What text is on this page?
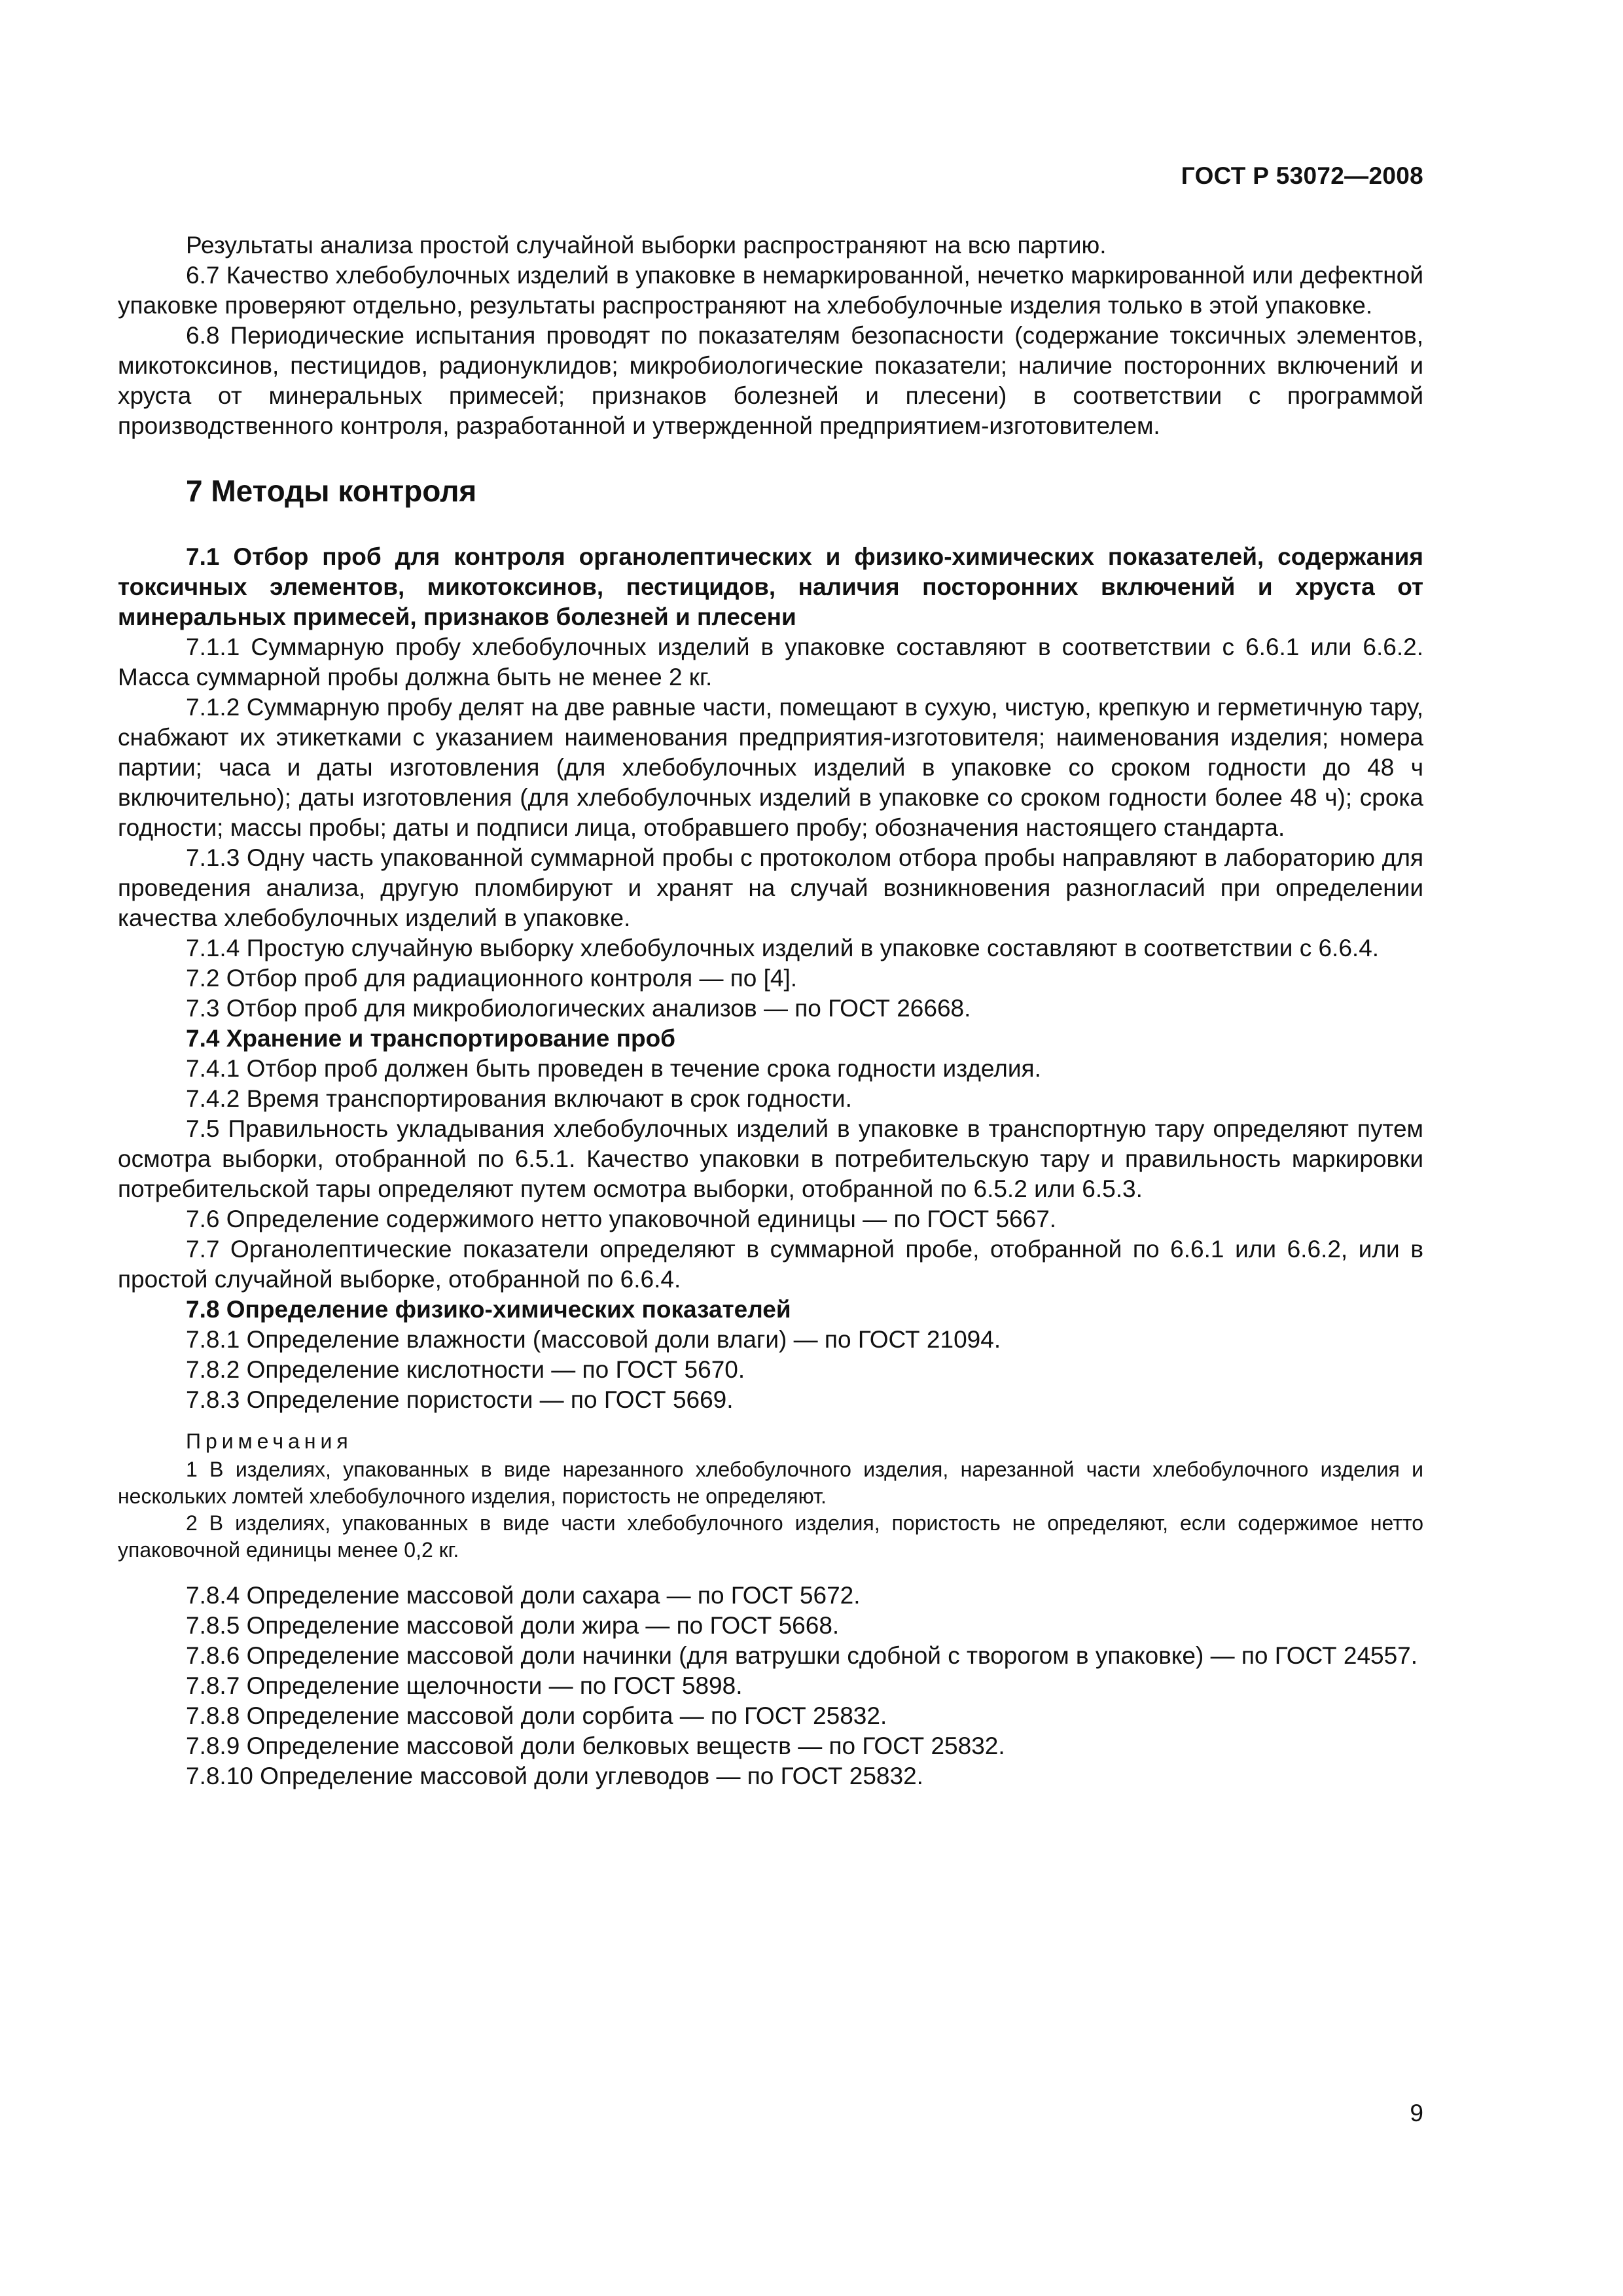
ГОСТ Р 53072—2008

Результаты анализа простой случайной выборки распространяют на всю партию.

6.7 Качество хлебобулочных изделий в упаковке в немаркированной, нечетко маркированной или дефектной упаковке проверяют отдельно, результаты распространяют на хлебобулочные изделия только в этой упаковке.

6.8 Периодические испытания проводят по показателям безопасности (содержание токсичных элементов, микотоксинов, пестицидов, радионуклидов; микробиологические показатели; наличие посторонних включений и хруста от минеральных примесей; признаков болезней и плесени) в соответствии с программой производственного контроля, разработанной и утвержденной предприятием-изготовителем.

7 Методы контроля

7.1 Отбор проб для контроля органолептических и физико-химических показателей, содержания токсичных элементов, микотоксинов, пестицидов, наличия посторонних включений и хруста от минеральных примесей, признаков болезней и плесени

7.1.1 Суммарную пробу хлебобулочных изделий в упаковке составляют в соответствии с 6.6.1 или 6.6.2. Масса суммарной пробы должна быть не менее 2 кг.

7.1.2 Суммарную пробу делят на две равные части, помещают в сухую, чистую, крепкую и герметичную тару, снабжают их этикетками с указанием наименования предприятия-изготовителя; наименования изделия; номера партии; часа и даты изготовления (для хлебобулочных изделий в упаковке со сроком годности до 48 ч включительно); даты изготовления (для хлебобулочных изделий в упаковке со сроком годности более 48 ч); срока годности; массы пробы; даты и подписи лица, отобравшего пробу; обозначения настоящего стандарта.

7.1.3 Одну часть упакованной суммарной пробы с протоколом отбора пробы направляют в лабораторию для проведения анализа, другую пломбируют и хранят на случай возникновения разногласий при определении качества хлебобулочных изделий в упаковке.

7.1.4 Простую случайную выборку хлебобулочных изделий в упаковке составляют в соответствии с 6.6.4.

7.2 Отбор проб для радиационного контроля — по [4].

7.3 Отбор проб для микробиологических анализов — по ГОСТ 26668.

7.4 Хранение и транспортирование проб

7.4.1 Отбор проб должен быть проведен в течение срока годности изделия.

7.4.2 Время транспортирования включают в срок годности.

7.5 Правильность укладывания хлебобулочных изделий в упаковке в транспортную тару определяют путем осмотра выборки, отобранной по 6.5.1. Качество упаковки в потребительскую тару и правильность маркировки потребительской тары определяют путем осмотра выборки, отобранной по 6.5.2 или 6.5.3.

7.6 Определение содержимого нетто упаковочной единицы — по ГОСТ 5667.

7.7 Органолептические показатели определяют в суммарной пробе, отобранной по 6.6.1 или 6.6.2, или в простой случайной выборке, отобранной по 6.6.4.

7.8 Определение физико-химических показателей

7.8.1 Определение влажности (массовой доли влаги) — по ГОСТ 21094.

7.8.2 Определение кислотности — по ГОСТ 5670.

7.8.3 Определение пористости — по ГОСТ 5669.

Примечания

1 В изделиях, упакованных в виде нарезанного хлебобулочного изделия, нарезанной части хлебобулочного изделия и нескольких ломтей хлебобулочного изделия, пористость не определяют.

2 В изделиях, упакованных в виде части хлебобулочного изделия, пористость не определяют, если содержимое нетто упаковочной единицы менее 0,2 кг.

7.8.4 Определение массовой доли сахара — по ГОСТ 5672.

7.8.5 Определение массовой доли жира — по ГОСТ 5668.

7.8.6 Определение массовой доли начинки (для ватрушки сдобной с творогом в упаковке) — по ГОСТ 24557.

7.8.7 Определение щелочности — по ГОСТ 5898.

7.8.8 Определение массовой доли сорбита — по ГОСТ 25832.

7.8.9 Определение массовой доли белковых веществ — по ГОСТ 25832.

7.8.10 Определение массовой доли углеводов — по ГОСТ 25832.

9
